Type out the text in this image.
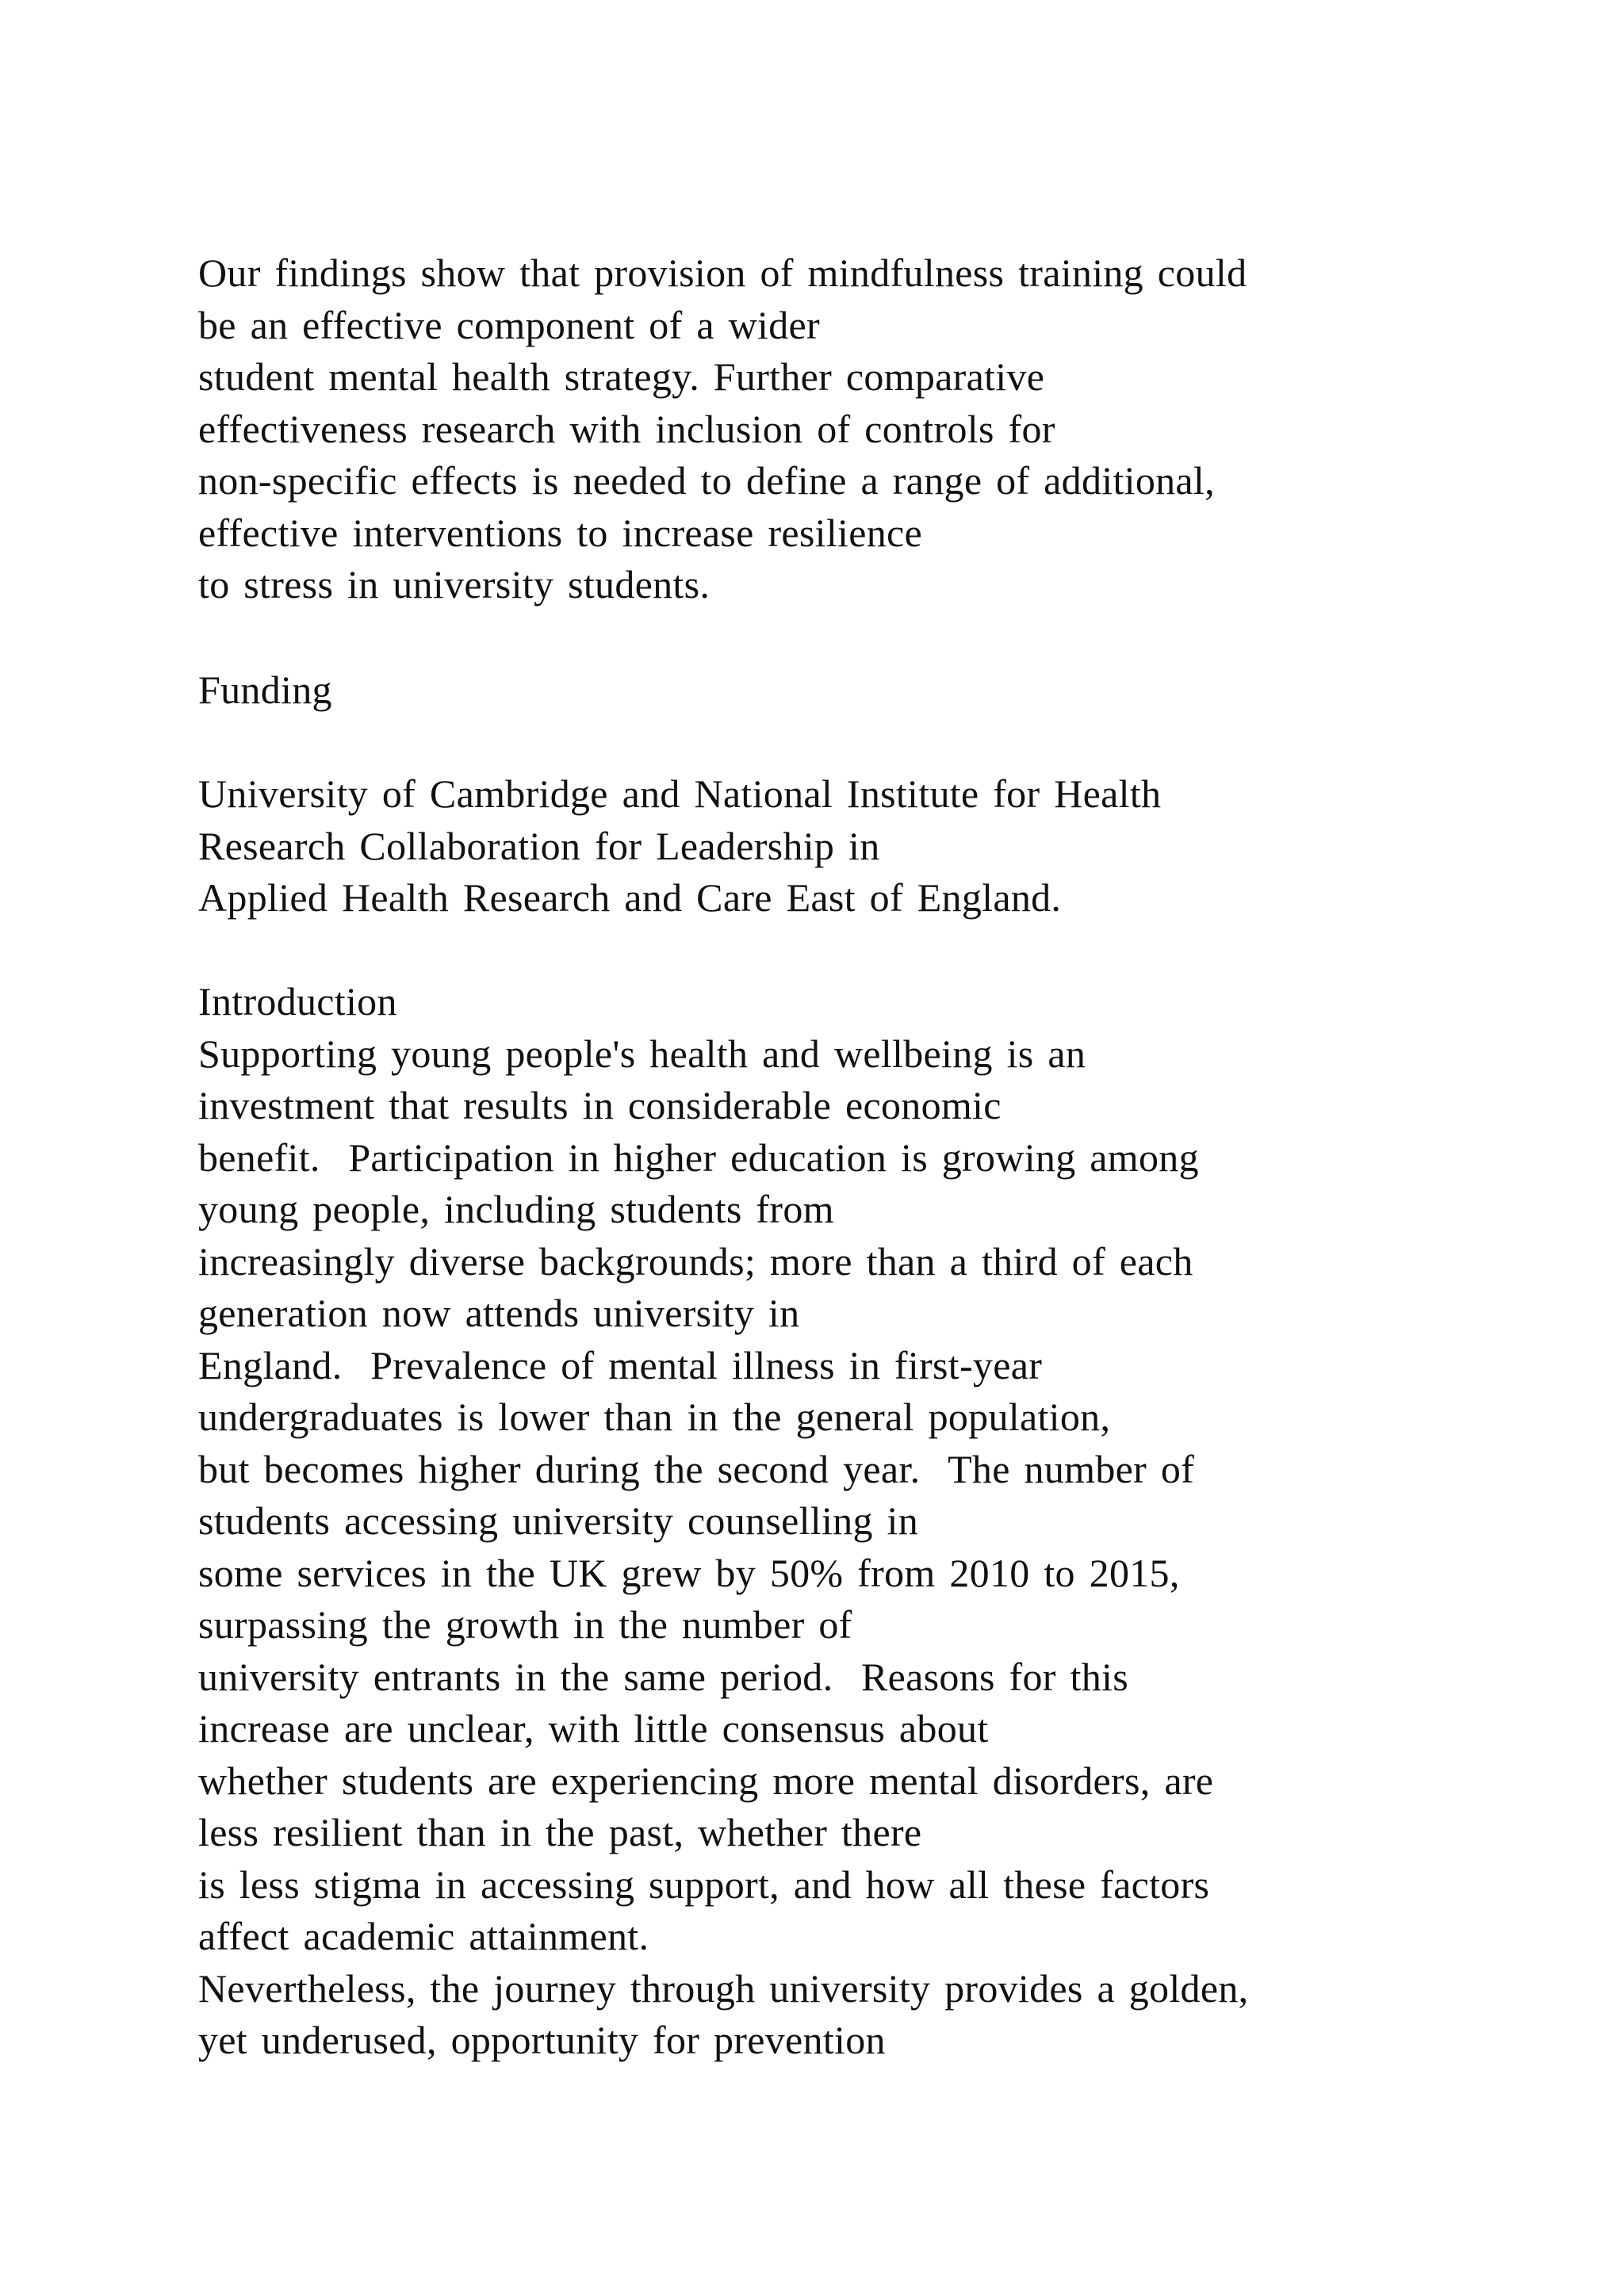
Our findings show that provision of mindfulness training could
be an effective component of a wider
student mental health strategy. Further comparative
effectiveness research with inclusion of controls for
non-specific effects is needed to define a range of additional,
effective interventions to increase resilience
to stress in university students.
Funding
University of Cambridge and National Institute for Health
Research Collaboration for Leadership in
Applied Health Research and Care East of England.
Introduction
Supporting young people's health and wellbeing is an
investment that results in considerable economic
benefit.  Participation in higher education is growing among
young people, including students from
increasingly diverse backgrounds; more than a third of each
generation now attends university in
England.  Prevalence of mental illness in first-year
undergraduates is lower than in the general population,
but becomes higher during the second year.  The number of
students accessing university counselling in
some services in the UK grew by 50% from 2010 to 2015,
surpassing the growth in the number of
university entrants in the same period.  Reasons for this
increase are unclear, with little consensus about
whether students are experiencing more mental disorders, are
less resilient than in the past, whether there
is less stigma in accessing support, and how all these factors
affect academic attainment.
Nevertheless, the journey through university provides a golden,
yet underused, opportunity for prevention
